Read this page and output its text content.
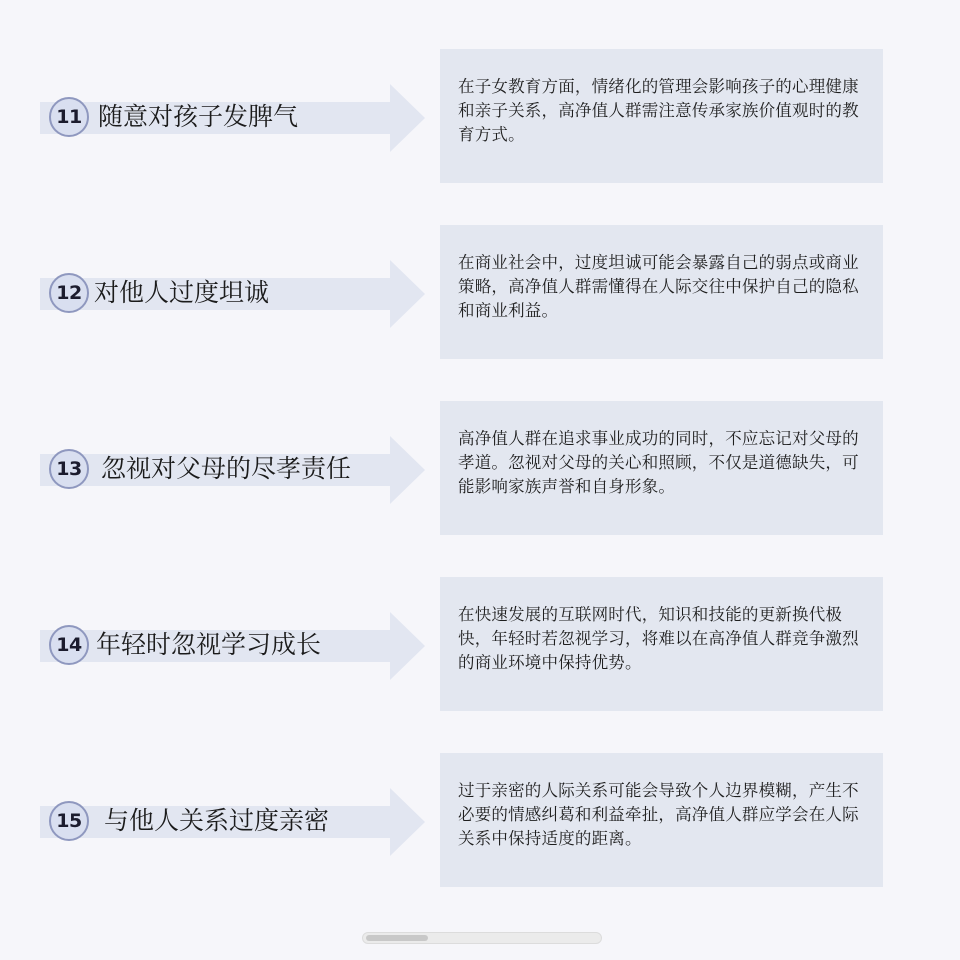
11 随意对孩子发脾气
在子女教育方面，情绪化的管理会影响孩子的心理健康和亲子关系，高净值人群需注意传承家族价值观时的教育方式。
12 对他人过度坦诚
在商业社会中，过度坦诚可能会暴露自己的弱点或商业策略，高净值人群需懂得在人际交往中保护自己的隐私和商业利益。
13 忽视对父母的尽孝责任
高净值人群在追求事业成功的同时，不应忘记对父母的孝道。忽视对父母的关心和照顾，不仅是道德缺失，可能影响家族声誉和自身形象。
14 年轻时忽视学习成长
在快速发展的互联网时代，知识和技能的更新换代极快，年轻时若忽视学习，将难以在高净值人群竞争激烈的商业环境中保持优势。
15 与他人关系过度亲密
过于亲密的人际关系可能会导致个人边界模糊，产生不必要的情感纠葛和利益牵扯，高净值人群应学会在人际关系中保持适度的距离。
